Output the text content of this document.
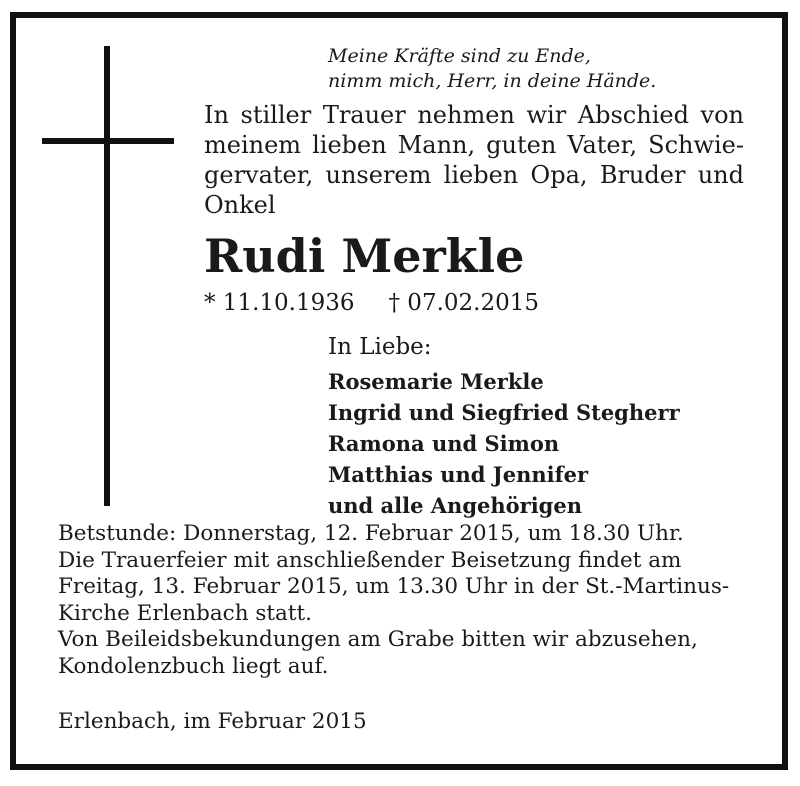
Meine Kräfte sind zu Ende,
nimm mich, Herr, in deine Hände.

In stiller Trauer nehmen wir Abschied von
meinem lieben Mann, guten Vater, Schwie-
gervater, unserem lieben Opa, Bruder und
Onkel

Rudi Merkle
* 11.10.1936 † 07.02.2015
In Liebe:
Rosemarie Merkle
Ingrid und Siegfried Stegherr
Ramona und Simon
Matthias und Jennifer
und alle Angehörigen

Betstunde: Donnerstag, 12. Februar 2015, um 18.30 Uhr.
Die Trauerfeier mit anschließender Beisetzung findet am
Freitag, 13. Februar 2015, um 13.30 Uhr in der St.-Martinus-
Kirche Erlenbach statt.
Von Beileidsbekundungen am Grabe bitten wir abzusehen,
Kondolenzbuch liegt auf.

Erlenbach, im Februar 2015
